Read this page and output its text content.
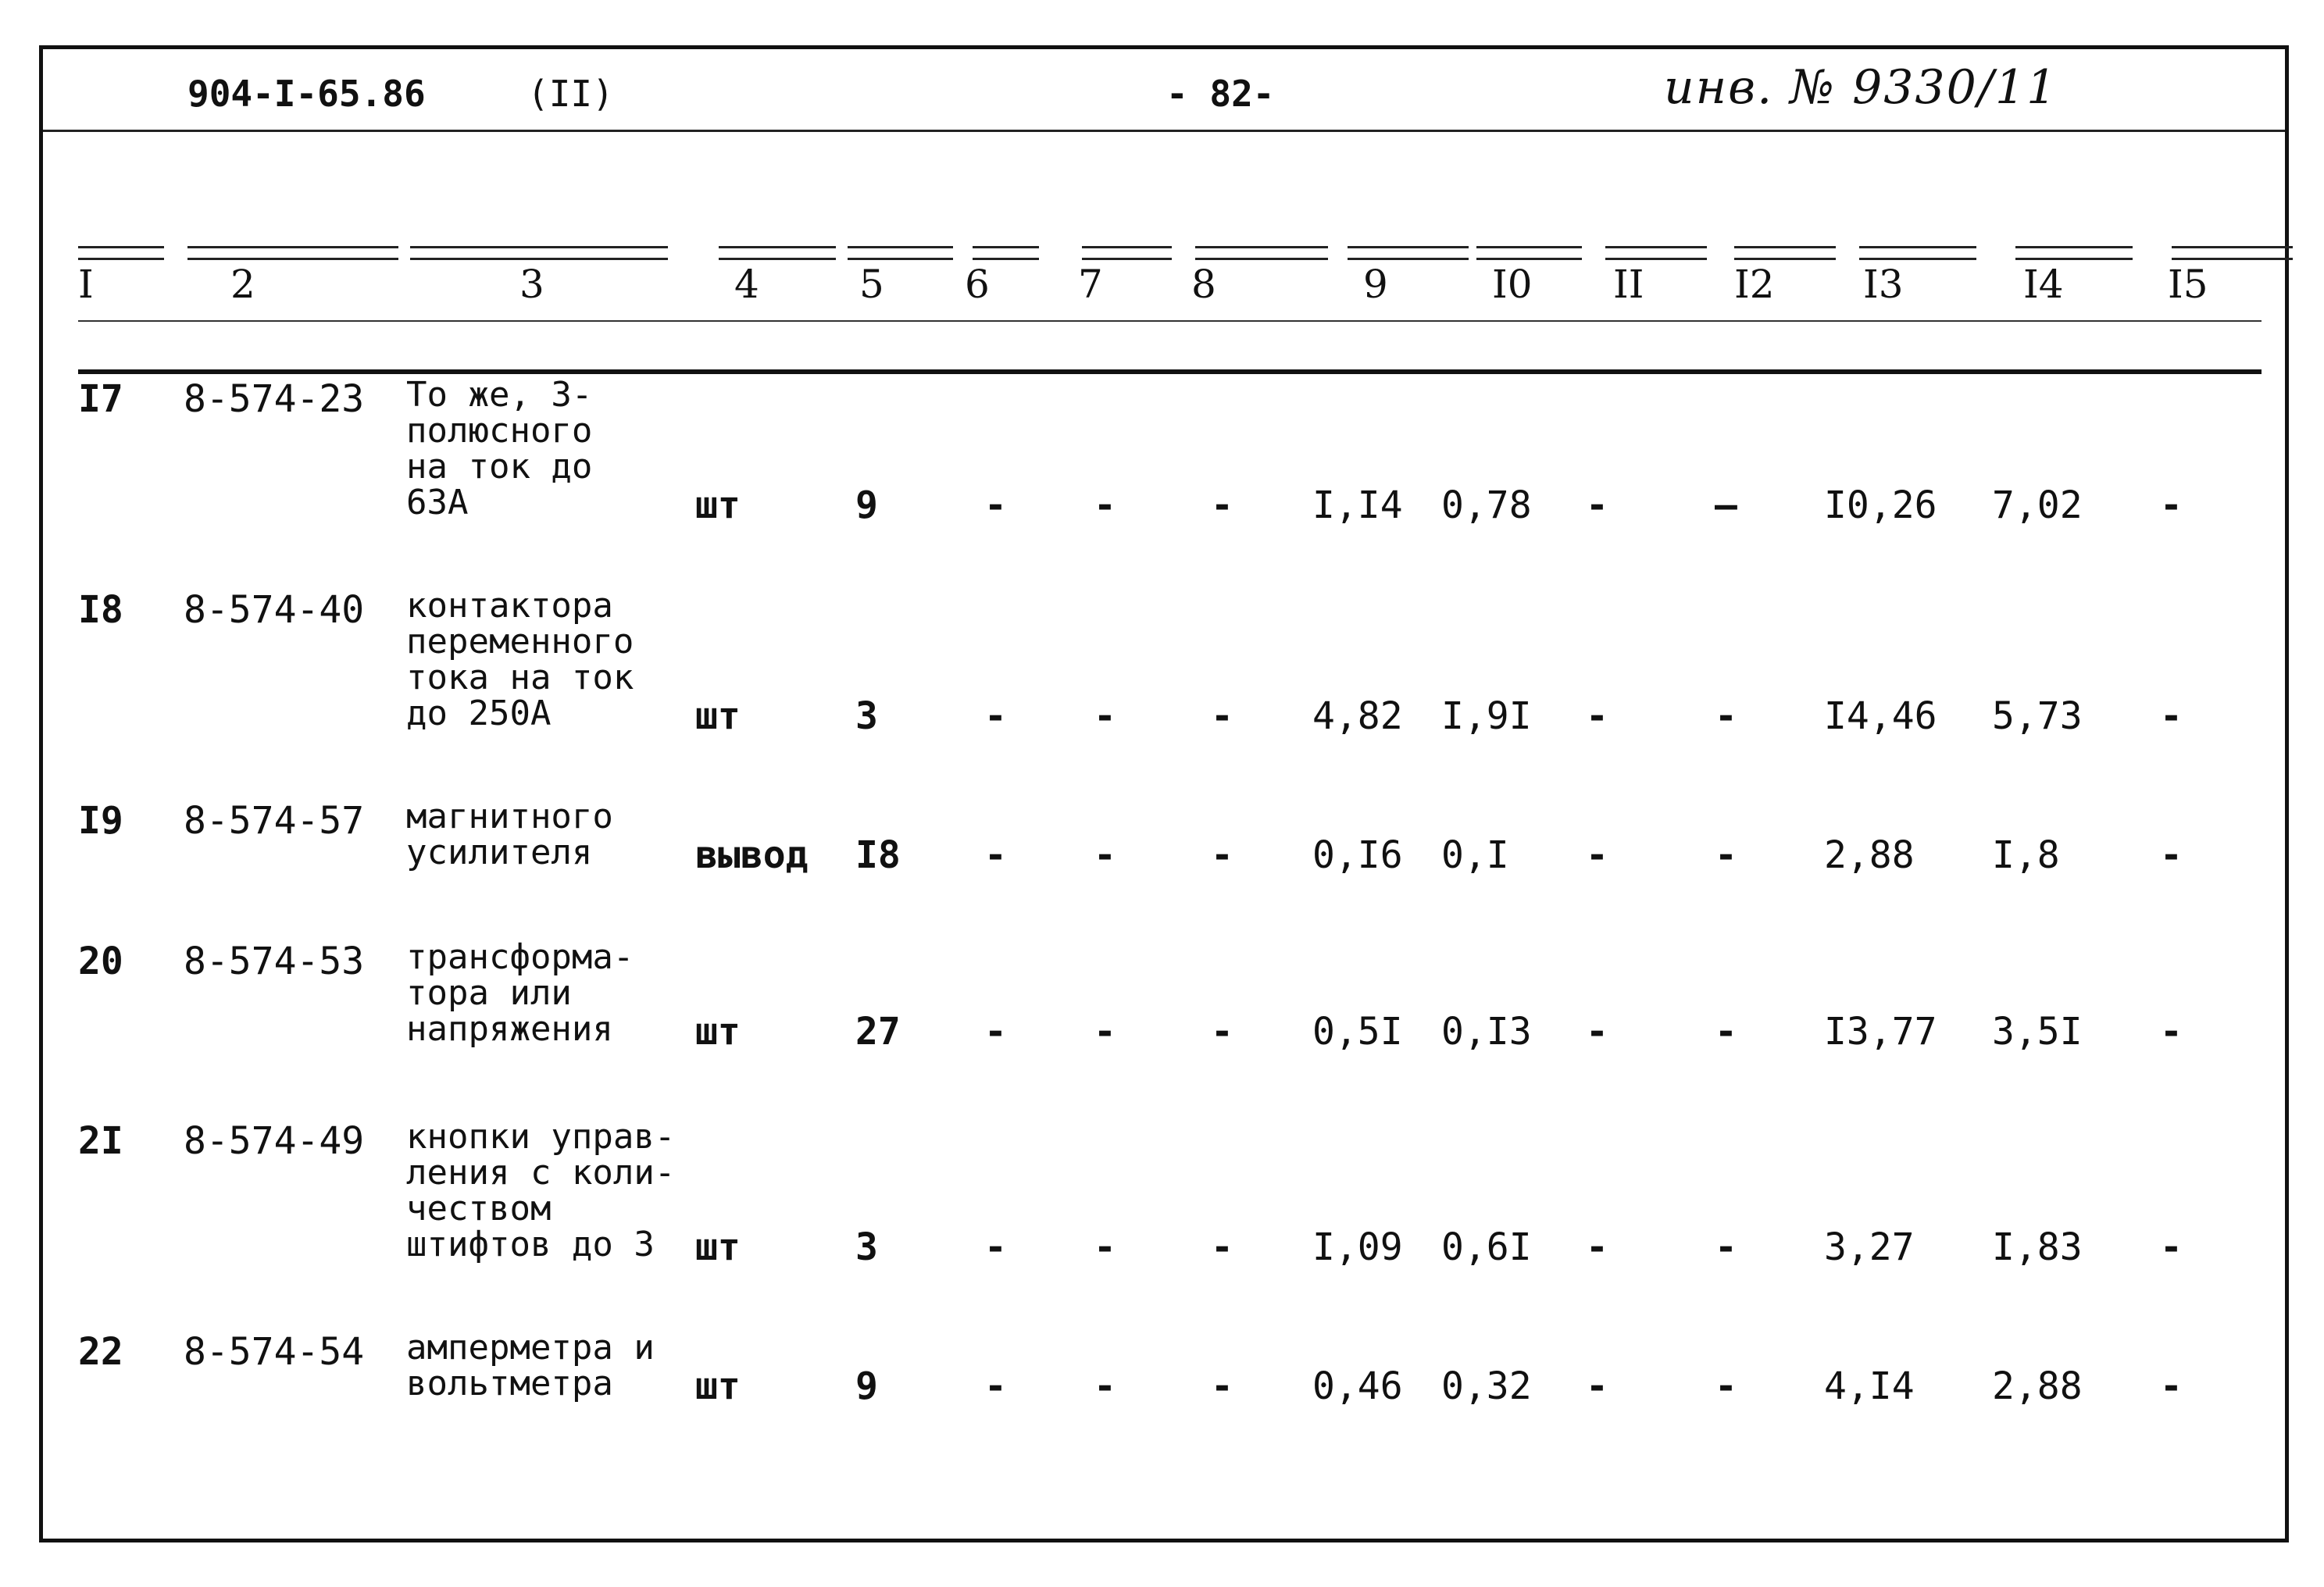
904-I-65.86	(II)	- 82-	инв. № 9330/11
I	2	3	4	5 6 7 8	9	I0 II I2 I3	I4	I5
I7 8-574-23 То же, 3-
полюсного
на ток до
63А	шт	9	- -	- I,I4 0,78 -	— I0,26 7,02 -
I8 8-574-40 контактора
переменного
тока на ток
до 250А	шт	3	- -	- 4,82 I,9I -	- I4,46 5,73 -
I9 8-574-57 магнитного
усилителя	вывод I8 - -	- 0,I6 0,I -	- 2,88 I,8	-
20 8-574-53 трансформа-
тора или
напряжения	шт	27 - -	- 0,5I 0,I3 -	- I3,77 3,5I -
2I 8-574-49 кнопки управ-
ления с коли-
чеством
штифтов до 3	шт	3	- -	- I,09 0,6I -	- 3,27 I,83 -
22 8-574-54 амперметра и
вольтметра	шт	9	- -	- 0,46 0,32 -	- 4,I4 2,88 -
